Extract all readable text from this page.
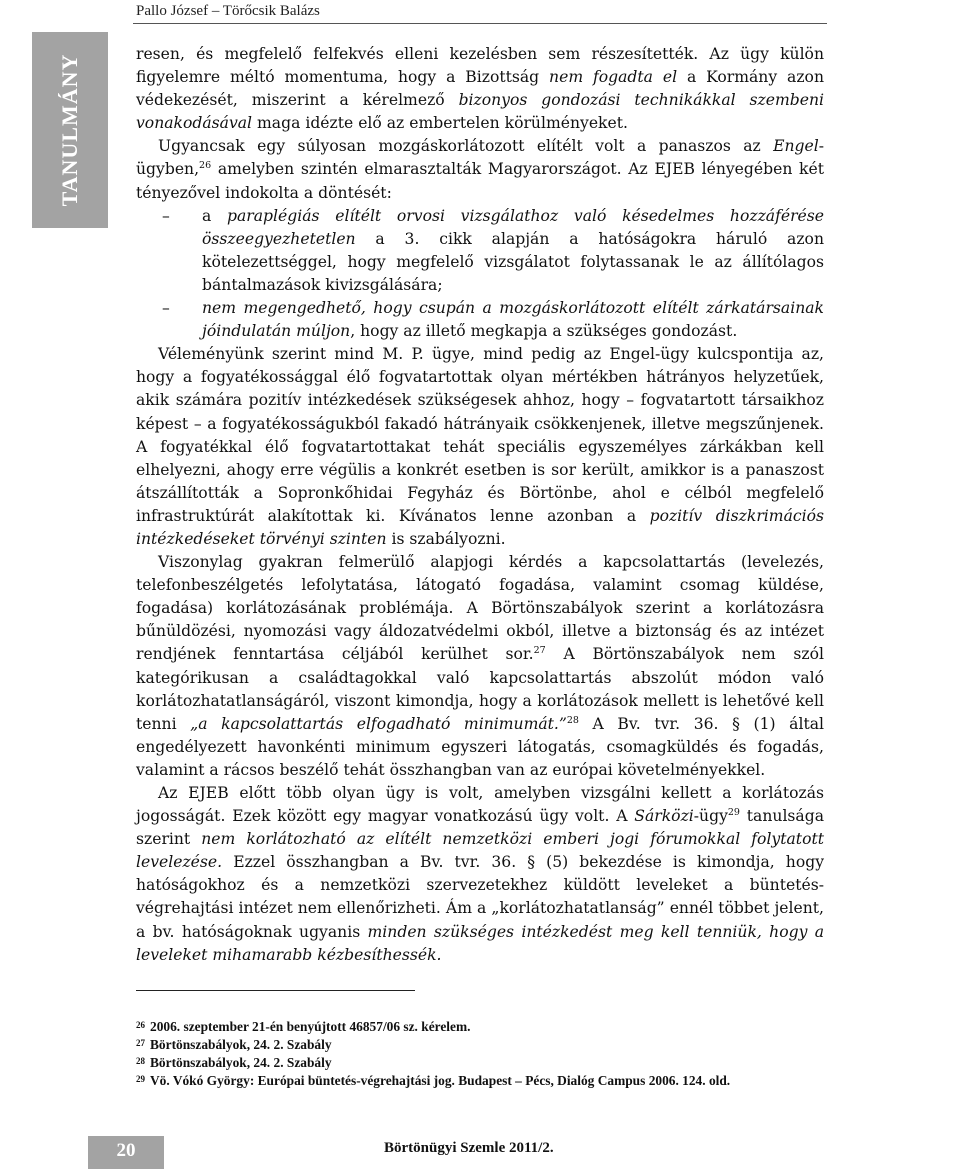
Pallo József – Törőcsik Balázs
TANULMÁNY	resen, és megfelelő felfekvés elleni kezelésben sem részesítették. Az ügy külön figyelemre méltó momentuma, hogy a Bizottság nem fogadta el a Kormány azon védekezését, miszerint a kérelmező bizonyos gondozási technikákkal szembeni vonakodásával maga idézte elő az embertelen körülményeket.

Ugyancsak egy súlyosan mozgáskorlátozott elítélt volt a panaszos az Engel-ügyben,$^{26}$ amelyben szintén elmarasztalták Magyarországot. Az EJEB lényegében két tényezővel indokolta a döntését:

– a paraplégiás elítélt orvosi vizsgálathoz való késedelmes hozzáférése összeegyezhetetlen a 3. cikk alapján a hatóságokra háruló azon kötelezettséggel, hogy megfelelő vizsgálatot folytassanak le az állítólagos bántalmazások kivizsgálására;

– nem megengedhető, hogy csupán a mozgáskorlátozott elítélt zárkatársainak jóindulatán múljon, hogy az illető megkapja a szükséges gondozást.

Véleményünk szerint mind M. P. ügye, mind pedig az Engel-ügy kulcspontija az, hogy a fogyatékossággal élő fogvatartottak olyan mértékben hátrányos helyzetűek, akik számára pozitív intézkedések szükségesek ahhoz, hogy – fogvatartott társaikhoz képest – a fogyatékosságukból fakadó hátrányaik csökkenjenek, illetve megszűnjenek. A fogyatékkal élő fogvatartottakat tehát speciális egyszemélyes zárkákban kell elhelyezni, ahogy erre végülis a konkrét esetben is sor került, amikkor is a panaszost átszállították a Sopronkőhidai Fegyház és Börtönbe, ahol e célból megfelelő infrastruktúrát alakítottak ki. Kívánatos lenne azonban a pozitív diszkrimációs intézkedéseket törvényi szinten is szabályozni.

Viszonylag gyakran felmerülő alapjogi kérdés a kapcsolattartás (levelezés, telefonbeszélgetés lefolytatása, látogató fogadása, valamint csomag küldése, fogadása) korlátozásának problémája. A Börtönszabályok szerint a korlátozásra bűnüldözési, nyomozási vagy áldozatvédelmi okból, illetve a biztonság és az intézet rendjének fenntartása céljából kerülhet sor.$^{27}$ A Börtönszabályok nem szól kategórikusan a családtagokkal való kapcsolattartás abszolút módon való korlátozhatatlanságáról, viszont kimondja, hogy a korlátozások mellett is lehetővé kell tenni „a kapcsolattartás elfogadható minimumát.”$^{28}$ A Bv. tvr. 36. § (1) által engedélyezett havonkénti minimum egyszeri látogatás, csomagküldés és fogadás, valamint a rácsos beszélő tehát összhangban van az európai követelményekkel.

Az EJEB előtt több olyan ügy is volt, amelyben vizsgálni kellett a korlátozás jogosságát. Ezek között egy magyar vonatkozású ügy volt. A Sárközi-ügy$^{29}$ tanulsága szerint nem korlátozható az elítélt nemzetközi emberi jogi fórumokkal folytatott levelezése. Ezzel összhangban a Bv. tvr. 36. § (5) bekezdése is kimondja, hogy hatóságokhoz és a nemzetközi szervezetekhez küldött leveleket a büntetés-végrehajtási intézet nem ellenőrizheti. Ám a „korlátozhatatlanság” ennél többet jelent, a bv. hatóságoknak ugyanis minden szükséges intézkedést meg kell tenniük, hogy a leveleket mihamarabb kézbesíthessék.

26 2006. szeptember 21-én benyújtott 46857/06 sz. kérelem.
27 Börtönszabályok, 24. 2. Szabály
28 Börtönszabályok, 24. 2. Szabály
29 Vö. Vókó György: Európai büntetés-végrehajtási jog. Budapest – Pécs, Dialóg Campus 2006. 124. old.
20	Börtönügyi Szemle 2011/2.
